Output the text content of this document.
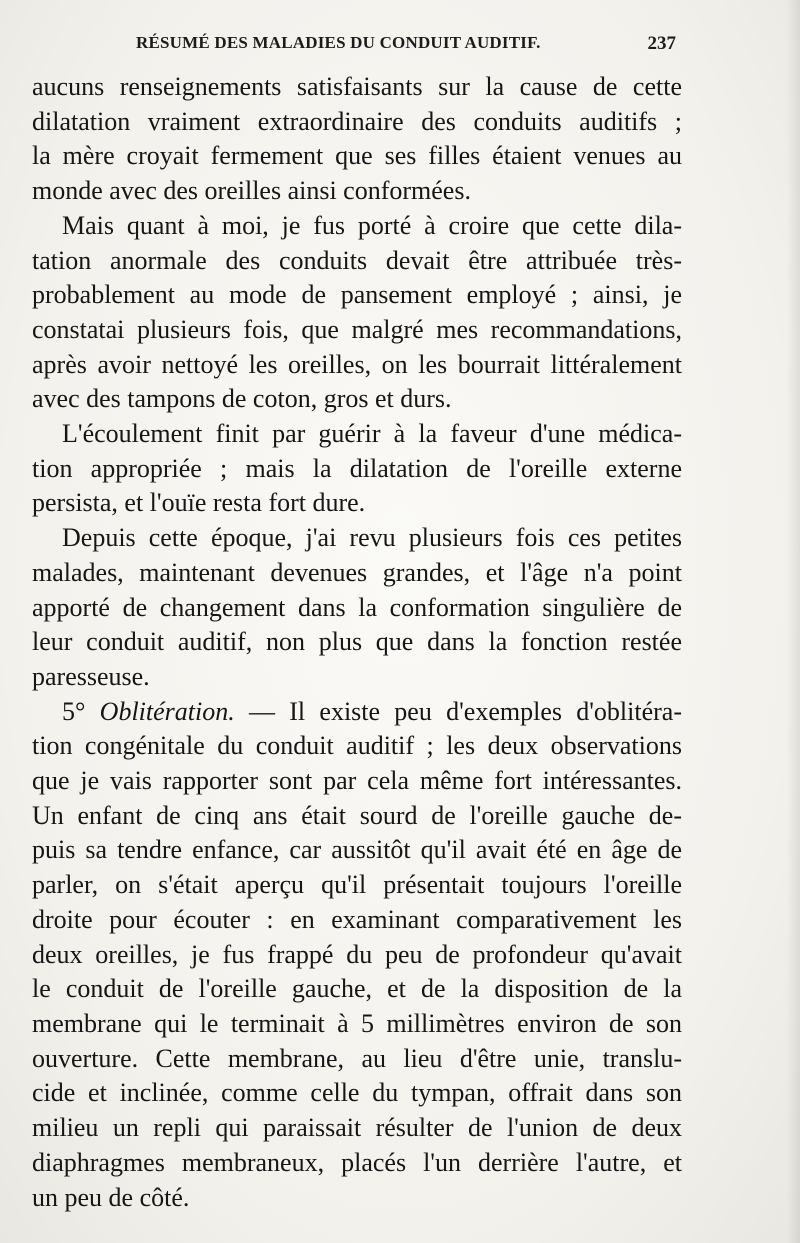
RÉSUMÉ DES MALADIES DU CONDUIT AUDITIF.	237

aucuns renseignements satisfaisants sur la cause de cette

dilatation vraiment extraordinaire des conduits auditifs ;

la mère croyait fermement que ses filles étaient venues au

monde avec des oreilles ainsi conformées.

Mais quant à moi, je fus porté à croire que cette dila-

tation anormale des conduits devait être attribuée très-

probablement au mode de pansement employé ; ainsi, je

constatai plusieurs fois, que malgré mes recommandations,

après avoir nettoyé les oreilles, on les bourrait littéralement

avec des tampons de coton, gros et durs.

L'écoulement finit par guérir à la faveur d'une médica-

tion appropriée ; mais la dilatation de l'oreille externe

persista, et l'ouïe resta fort dure.

Depuis cette époque, j'ai revu plusieurs fois ces petites

malades, maintenant devenues grandes, et l'âge n'a point

apporté de changement dans la conformation singulière de

leur conduit auditif, non plus que dans la fonction restée

paresseuse.

5° Oblitération. — Il existe peu d'exemples d'oblitéra-

tion congénitale du conduit auditif ; les deux observations

que je vais rapporter sont par cela même fort intéressantes.

Un enfant de cinq ans était sourd de l'oreille gauche de-

puis sa tendre enfance, car aussitôt qu'il avait été en âge de

parler, on s'était aperçu qu'il présentait toujours l'oreille

droite pour écouter : en examinant comparativement les

deux oreilles, je fus frappé du peu de profondeur qu'avait

le conduit de l'oreille gauche, et de la disposition de la

membrane qui le terminait à 5 millimètres environ de son

ouverture. Cette membrane, au lieu d'être unie, translu-

cide et inclinée, comme celle du tympan, offrait dans son

milieu un repli qui paraissait résulter de l'union de deux

diaphragmes membraneux, placés l'un derrière l'autre, et

un peu de côté.
